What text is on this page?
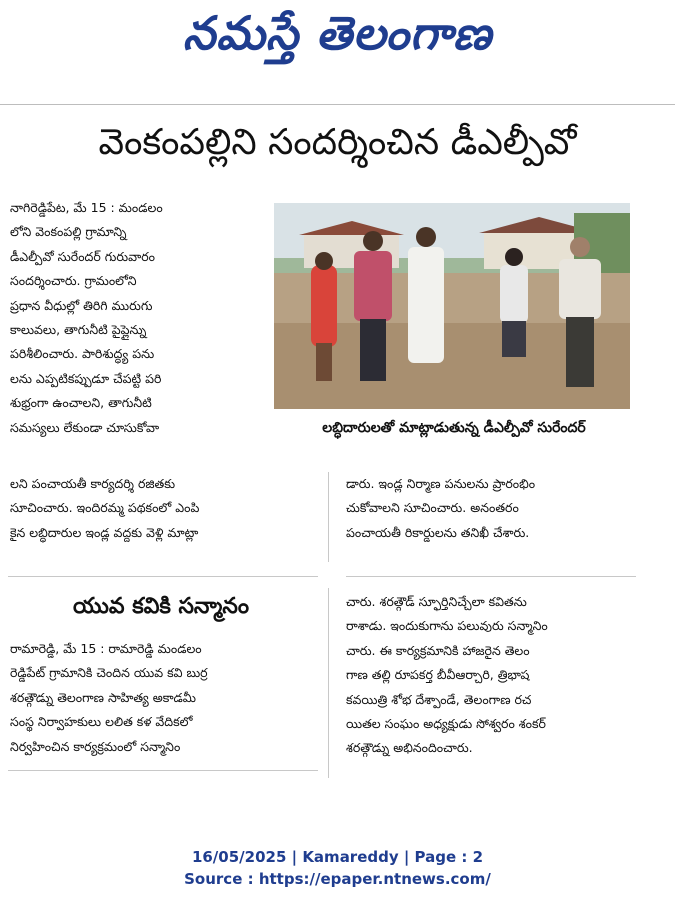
నమస్తే తెలంగాణ
వెంకంపల్లిని సందర్శించిన డీఎల్పీవో
నాగిరెడ్డిపేట, మే 15 : మండలం
లోని వెంకంపల్లి గ్రామాన్ని
డీఎల్పీవో సురేందర్ గురువారం
సందర్శించారు. గ్రామంలోని
ప్రధాన వీధుల్లో తిరిగి మురుగు
కాలువలు, తాగునీటి పైప్లైన్ను
పరిశీలించారు. పారిశుద్ధ్య పను
లను ఎప్పటికప్పుడూ చేపట్టి పరి
శుభ్రంగా ఉంచాలని, తాగునీటి
సమస్యలు లేకుండా చూసుకోవా	లబ్ధిదారులతో మాట్లాడుతున్న డీఎల్పీవో సురేందర్
లని పంచాయతీ కార్యదర్శి రజితకు
సూచించారు. ఇందిరమ్మ పథకంలో ఎంపి
కైన లబ్ధిదారుల ఇండ్ల వద్దకు వెళ్లి మాట్లా
డారు. ఇండ్ల నిర్మాణ పనులను ప్రారంభిం
చుకోవాలని సూచించారు. అనంతరం
పంచాయతీ రికార్డులను తనిఖీ చేశారు.
యువ కవికి సన్మానం
రామారెడ్డి, మే 15 : రామారెడ్డి మండలం
రెడ్డిపేట్ గ్రామానికి చెందిన యువ కవి బుర్ర
శరత్గౌడ్ను తెలంగాణ సాహిత్య అకాడమీ
సంస్థ నిర్వాహకులు లలిత కళ వేదికలో
నిర్వహించిన కార్యక్రమంలో సన్మానిం
చారు. శరత్గౌడ్ స్ఫూర్తినిచ్చేలా కవితను
రాశాడు. ఇందుకుగాను పలువురు సన్మానిం
చారు. ఈ కార్యక్రమానికి హాజరైన తెలం
గాణ తల్లి రూపకర్త బీవీఆర్చారి, త్రిభాష
కవయిత్రి శోభ దేశ్పాండే, తెలంగాణ రచ
యితల సంఘం అధ్యక్షుడు సోశ్వరం శంకర్
శరత్గౌడ్ను అభినందించారు.
16/05/2025 | Kamareddy | Page : 2
Source : https://epaper.ntnews.com/
